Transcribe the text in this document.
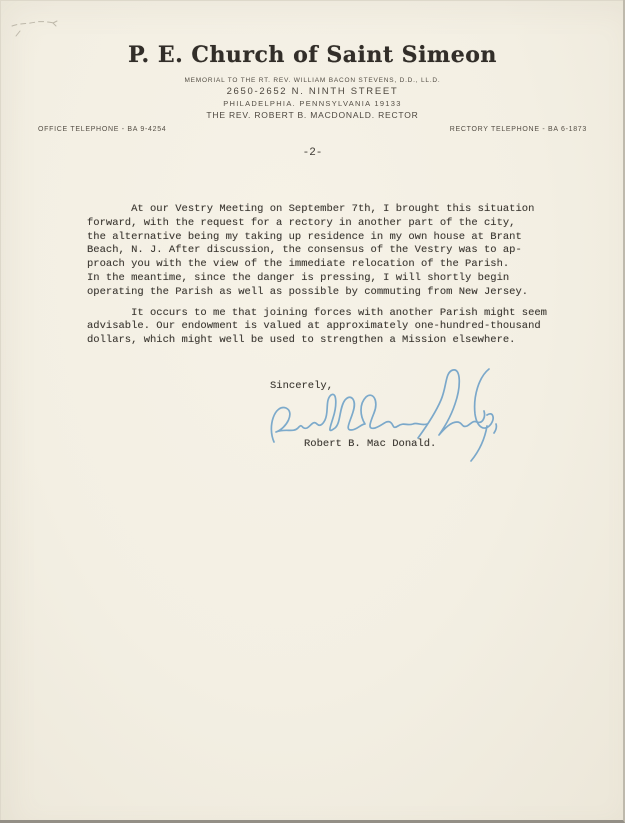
P. E. Church of Saint Simeon
MEMORIAL TO THE RT. REV. WILLIAM BACON STEVENS, D.D., LL.D.
2650-2652 N. NINTH STREET
PHILADELPHIA. PENNSYLVANIA 19133
THE REV. ROBERT B. MACDONALD. RECTOR
OFFICE TELEPHONE - BA 9-4254	RECTORY TELEPHONE - BA 6-1873
-2-

At our Vestry Meeting on September 7th, I brought this situation
forward, with the request for a rectory in another part of the city,
the alternative being my taking up residence in my own house at Brant
Beach, N. J. After discussion, the consensus of the Vestry was to ap-
proach you with the view of the immediate relocation of the Parish.
In the meantime, since the danger is pressing, I will shortly begin
operating the Parish as well as possible by commuting from New Jersey.

It occurs to me that joining forces with another Parish might seem
advisable. Our endowment is valued at approximately one-hundred-thousand
dollars, which might well be used to strengthen a Mission elsewhere.

Sincerely,
Robert B. Mac Donald.
